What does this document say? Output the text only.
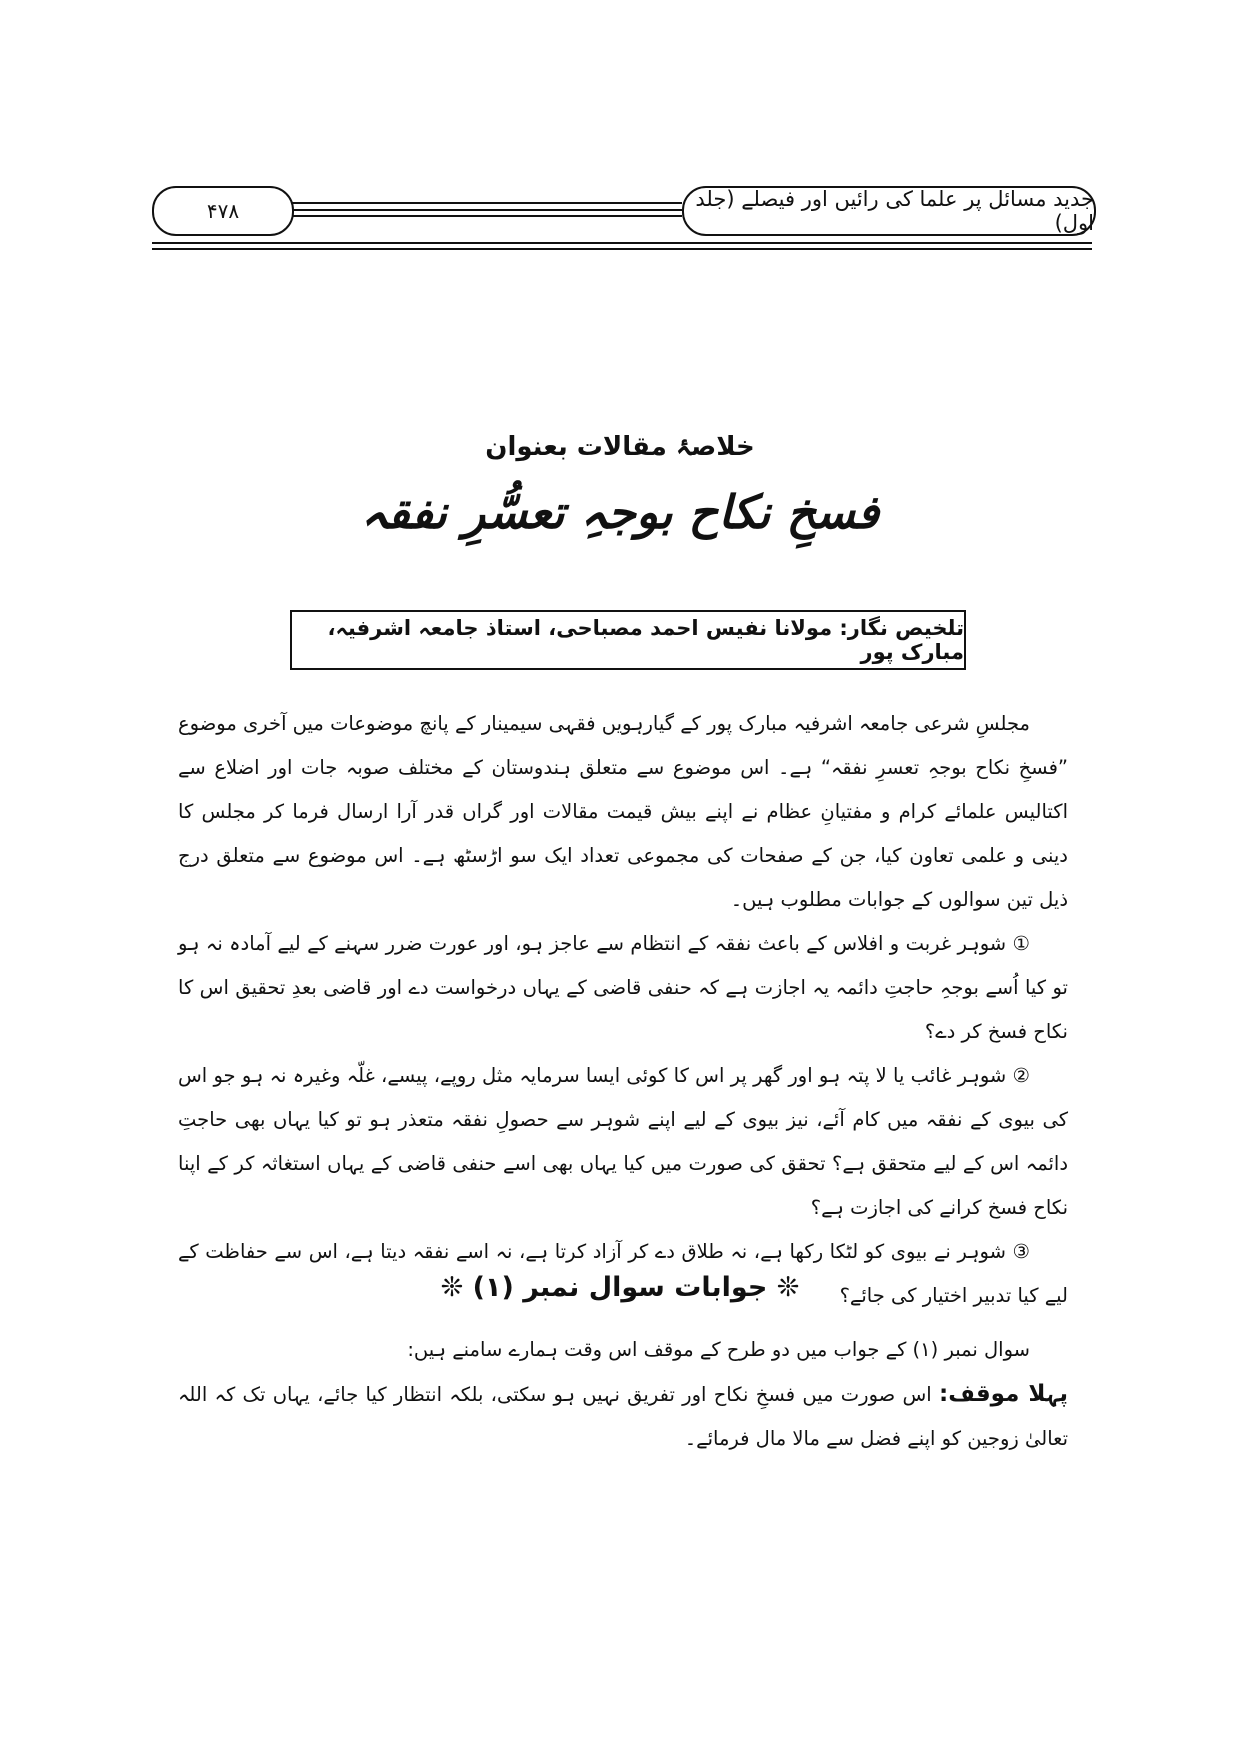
۴۷۸	جدید مسائل پر علما کی رائیں اور فیصلے (جلد اول)
خلاصۂ مقالات بعنوان
فسخِ نکاح بوجہِ تعسُّرِ نفقہ
تلخیص نگار: مولانا نفیس احمد مصباحی، استاذ جامعہ اشرفیہ، مبارک پور

مجلسِ شرعی جامعہ اشرفیہ مبارک پور کے گیارہویں فقہی سیمینار کے پانچ موضوعات میں آخری موضوع ”فسخِ نکاح بوجہِ تعسرِ نفقہ“ ہے۔ اس موضوع سے متعلق ہندوستان کے مختلف صوبہ جات اور اضلاع سے اکتالیس علمائے کرام و مفتیانِ عظام نے اپنے بیش قیمت مقالات اور گراں قدر آرا ارسال فرما کر مجلس کا دینی و علمی تعاون کیا، جن کے صفحات کی مجموعی تعداد ایک سو اڑسٹھ ہے۔ اس موضوع سے متعلق درج ذیل تین سوالوں کے جوابات مطلوب ہیں۔

① شوہر غربت و افلاس کے باعث نفقہ کے انتظام سے عاجز ہو، اور عورت ضرر سہنے کے لیے آمادہ نہ ہو تو کیا اُسے بوجہِ حاجتِ دائمہ یہ اجازت ہے کہ حنفی قاضی کے یہاں درخواست دے اور قاضی بعدِ تحقیق اس کا نکاح فسخ کر دے؟

② شوہر غائب یا لا پتہ ہو اور گھر پر اس کا کوئی ایسا سرمایہ مثل روپے، پیسے، غلّہ وغیرہ نہ ہو جو اس کی بیوی کے نفقہ میں کام آئے، نیز بیوی کے لیے اپنے شوہر سے حصولِ نفقہ متعذر ہو تو کیا یہاں بھی حاجتِ دائمہ اس کے لیے متحقق ہے؟ تحقق کی صورت میں کیا یہاں بھی اسے حنفی قاضی کے یہاں استغاثہ کر کے اپنا نکاح فسخ کرانے کی اجازت ہے؟

③ شوہر نے بیوی کو لٹکا رکھا ہے، نہ طلاق دے کر آزاد کرتا ہے، نہ اسے نفقہ دیتا ہے، اس سے حفاظت کے لیے کیا تدبیر اختیار کی جائے؟

❊ جوابات سوال نمبر (۱) ❊

سوال نمبر (۱) کے جواب میں دو طرح کے موقف اس وقت ہمارے سامنے ہیں:

پہلا موقف: اس صورت میں فسخِ نکاح اور تفریق نہیں ہو سکتی، بلکہ انتظار کیا جائے، یہاں تک کہ اللہ تعالیٰ زوجین کو اپنے فضل سے مالا مال فرمائے۔
